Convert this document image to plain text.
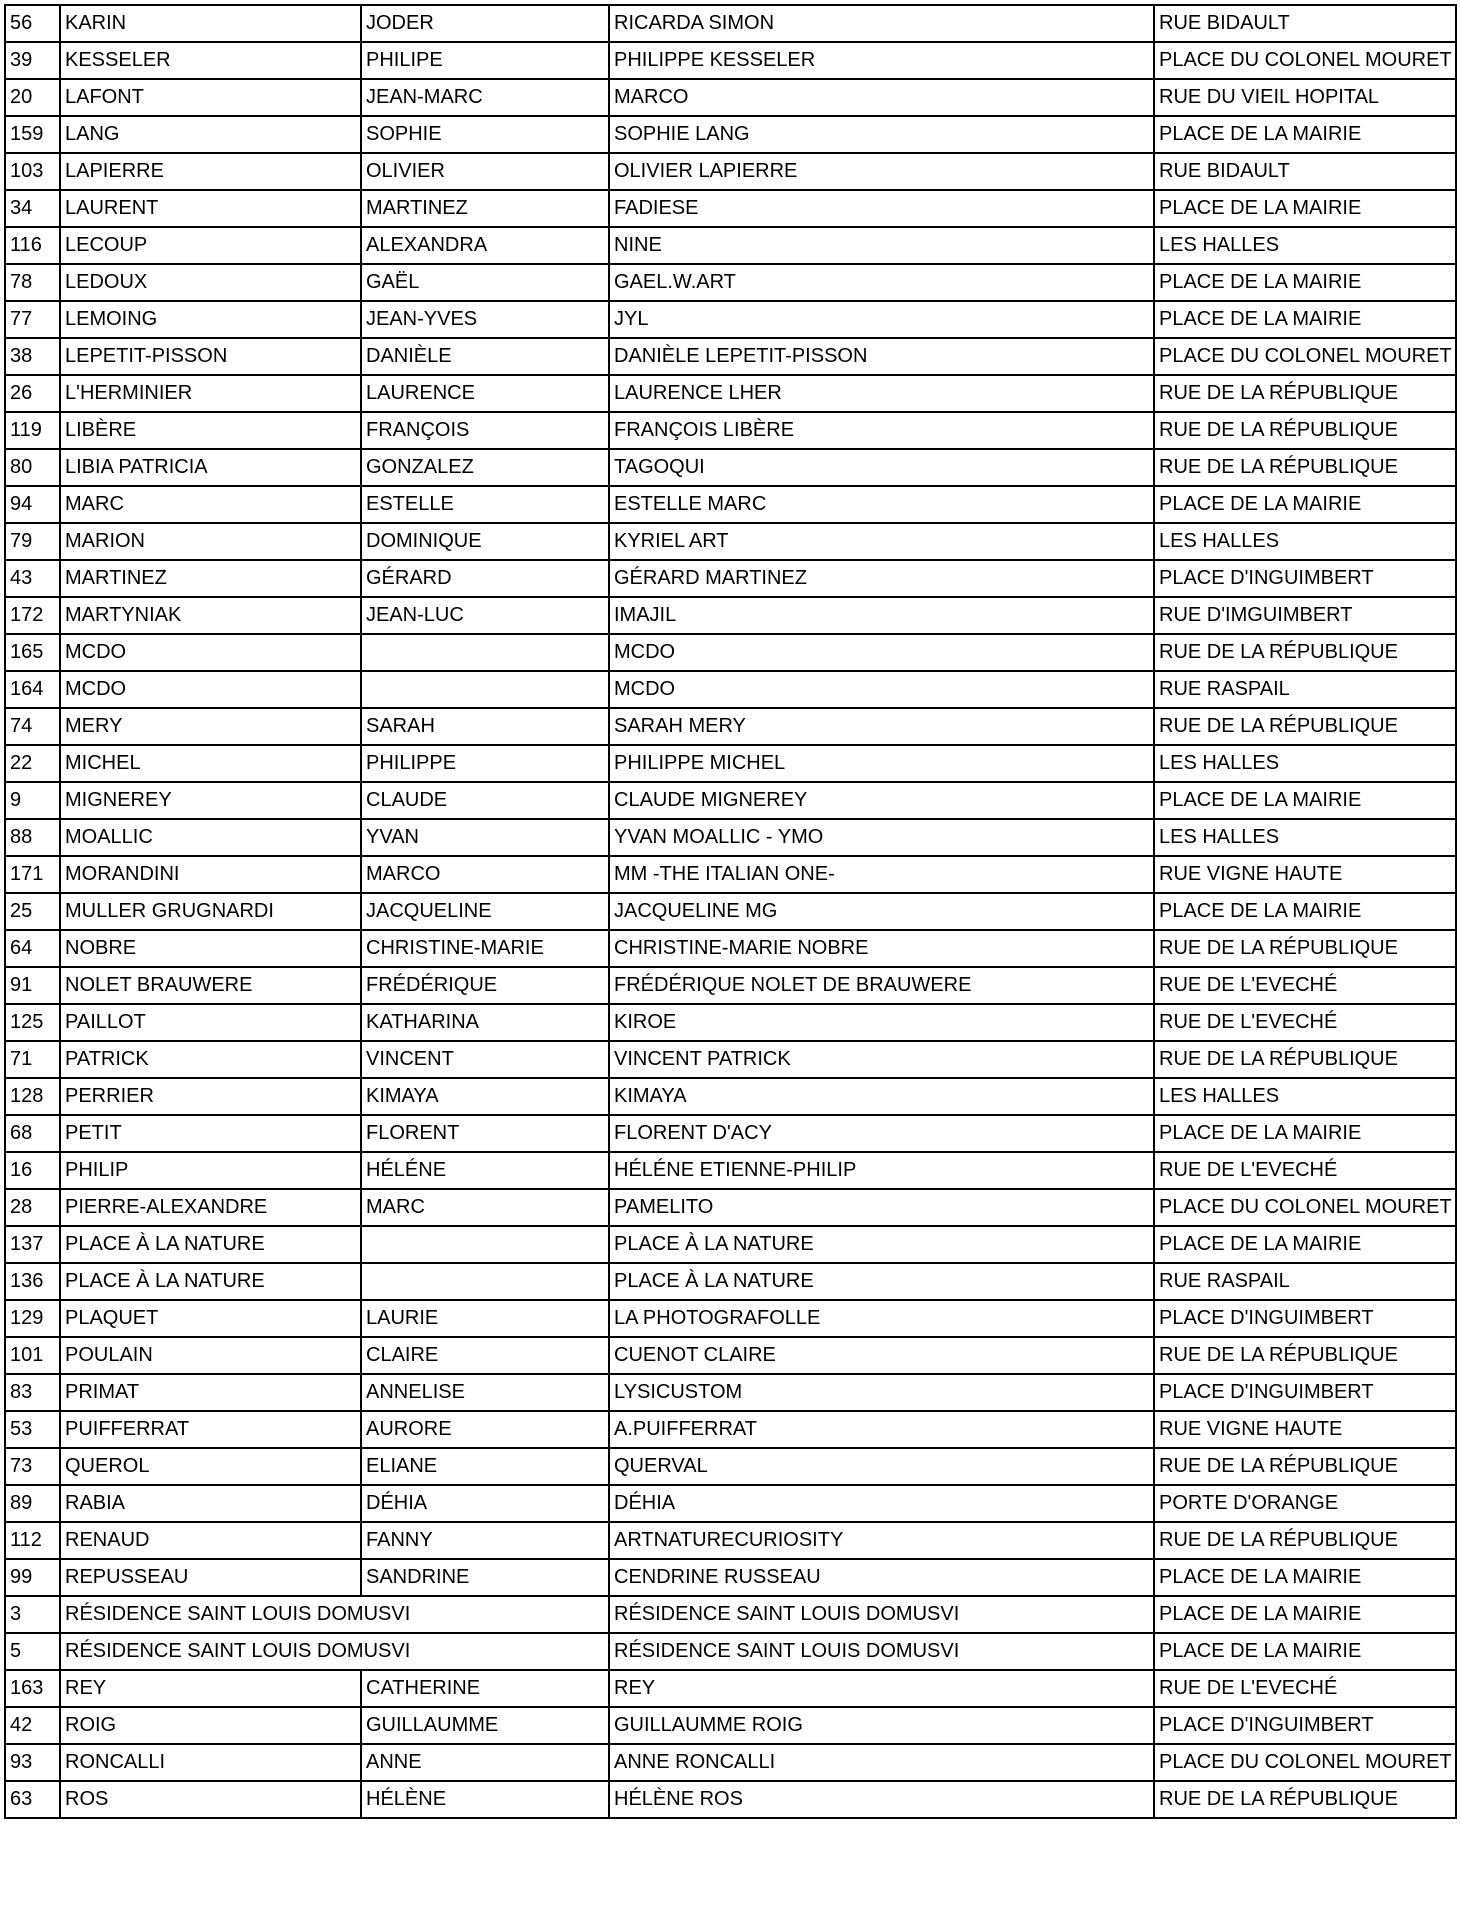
56	KARIN	JODER	RICARDA SIMON	RUE BIDAULT
39	KESSELER	PHILIPE	PHILIPPE KESSELER	PLACE DU COLONEL MOURET
20	LAFONT	JEAN-MARC	MARCO	RUE DU VIEIL HOPITAL
159	LANG	SOPHIE	SOPHIE LANG	PLACE DE LA MAIRIE
103	LAPIERRE	OLIVIER	OLIVIER LAPIERRE	RUE BIDAULT
34	LAURENT	MARTINEZ	FADIESE	PLACE DE LA MAIRIE
116	LECOUP	ALEXANDRA	NINE	LES HALLES
78	LEDOUX	GAËL	GAEL.W.ART	PLACE DE LA MAIRIE
77	LEMOING	JEAN-YVES	JYL	PLACE DE LA MAIRIE
38	LEPETIT-PISSON	DANIÈLE	DANIÈLE LEPETIT-PISSON	PLACE DU COLONEL MOURET
26	L'HERMINIER	LAURENCE	LAURENCE LHER	RUE DE LA RÉPUBLIQUE
119	LIBÈRE	FRANÇOIS	FRANÇOIS LIBÈRE	RUE DE LA RÉPUBLIQUE
80	LIBIA PATRICIA	GONZALEZ	TAGOQUI	RUE DE LA RÉPUBLIQUE
94	MARC	ESTELLE	ESTELLE MARC	PLACE DE LA MAIRIE
79	MARION	DOMINIQUE	KYRIEL ART	LES HALLES
43	MARTINEZ	GÉRARD	GÉRARD MARTINEZ	PLACE D'INGUIMBERT
172	MARTYNIAK	JEAN-LUC	IMAJIL	RUE D'IMGUIMBERT
165	MCDO		MCDO	RUE DE LA RÉPUBLIQUE
164	MCDO		MCDO	RUE RASPAIL
74	MERY	SARAH	SARAH MERY	RUE DE LA RÉPUBLIQUE
22	MICHEL	PHILIPPE	PHILIPPE MICHEL	LES HALLES
9	MIGNEREY	CLAUDE	CLAUDE MIGNEREY	PLACE DE LA MAIRIE
88	MOALLIC	YVAN	YVAN MOALLIC - YMO	LES HALLES
171	MORANDINI	MARCO	MM -THE ITALIAN ONE-	RUE VIGNE HAUTE
25	MULLER GRUGNARDI	JACQUELINE	JACQUELINE MG	PLACE DE LA MAIRIE
64	NOBRE	CHRISTINE-MARIE	CHRISTINE-MARIE NOBRE	RUE DE LA RÉPUBLIQUE
91	NOLET BRAUWERE	FRÉDÉRIQUE	FRÉDÉRIQUE NOLET DE BRAUWERE	RUE DE L'EVECHÉ
125	PAILLOT	KATHARINA	KIROE	RUE DE L'EVECHÉ
71	PATRICK	VINCENT	VINCENT PATRICK	RUE DE LA RÉPUBLIQUE
128	PERRIER	KIMAYA	KIMAYA	LES HALLES
68	PETIT	FLORENT	FLORENT D'ACY	PLACE DE LA MAIRIE
16	PHILIP	HÉLÉNE	HÉLÉNE ETIENNE-PHILIP	RUE DE L'EVECHÉ
28	PIERRE-ALEXANDRE	MARC	PAMELITO	PLACE DU COLONEL MOURET
137	PLACE À LA NATURE		PLACE À LA NATURE	PLACE DE LA MAIRIE
136	PLACE À LA NATURE		PLACE À LA NATURE	RUE RASPAIL
129	PLAQUET	LAURIE	LA PHOTOGRAFOLLE	PLACE D'INGUIMBERT
101	POULAIN	CLAIRE	CUENOT CLAIRE	RUE DE LA RÉPUBLIQUE
83	PRIMAT	ANNELISE	LYSICUSTOM	PLACE D'INGUIMBERT
53	PUIFFERRAT	AURORE	A.PUIFFERRAT	RUE VIGNE HAUTE
73	QUEROL	ELIANE	QUERVAL	RUE DE LA RÉPUBLIQUE
89	RABIA	DÉHIA	DÉHIA	PORTE D'ORANGE
112	RENAUD	FANNY	ARTNATURECURIOSITY	RUE DE LA RÉPUBLIQUE
99	REPUSSEAU	SANDRINE	CENDRINE RUSSEAU	PLACE DE LA MAIRIE
3	RÉSIDENCE SAINT LOUIS DOMUSVI		RÉSIDENCE SAINT LOUIS DOMUSVI	PLACE DE LA MAIRIE
5	RÉSIDENCE SAINT LOUIS DOMUSVI		RÉSIDENCE SAINT LOUIS DOMUSVI	PLACE DE LA MAIRIE
163	REY	CATHERINE	REY	RUE DE L'EVECHÉ
42	ROIG	GUILLAUMME	GUILLAUMME ROIG	PLACE D'INGUIMBERT
93	RONCALLI	ANNE	ANNE RONCALLI	PLACE DU COLONEL MOURET
63	ROS	HÉLÈNE	HÉLÈNE ROS	RUE DE LA RÉPUBLIQUE
